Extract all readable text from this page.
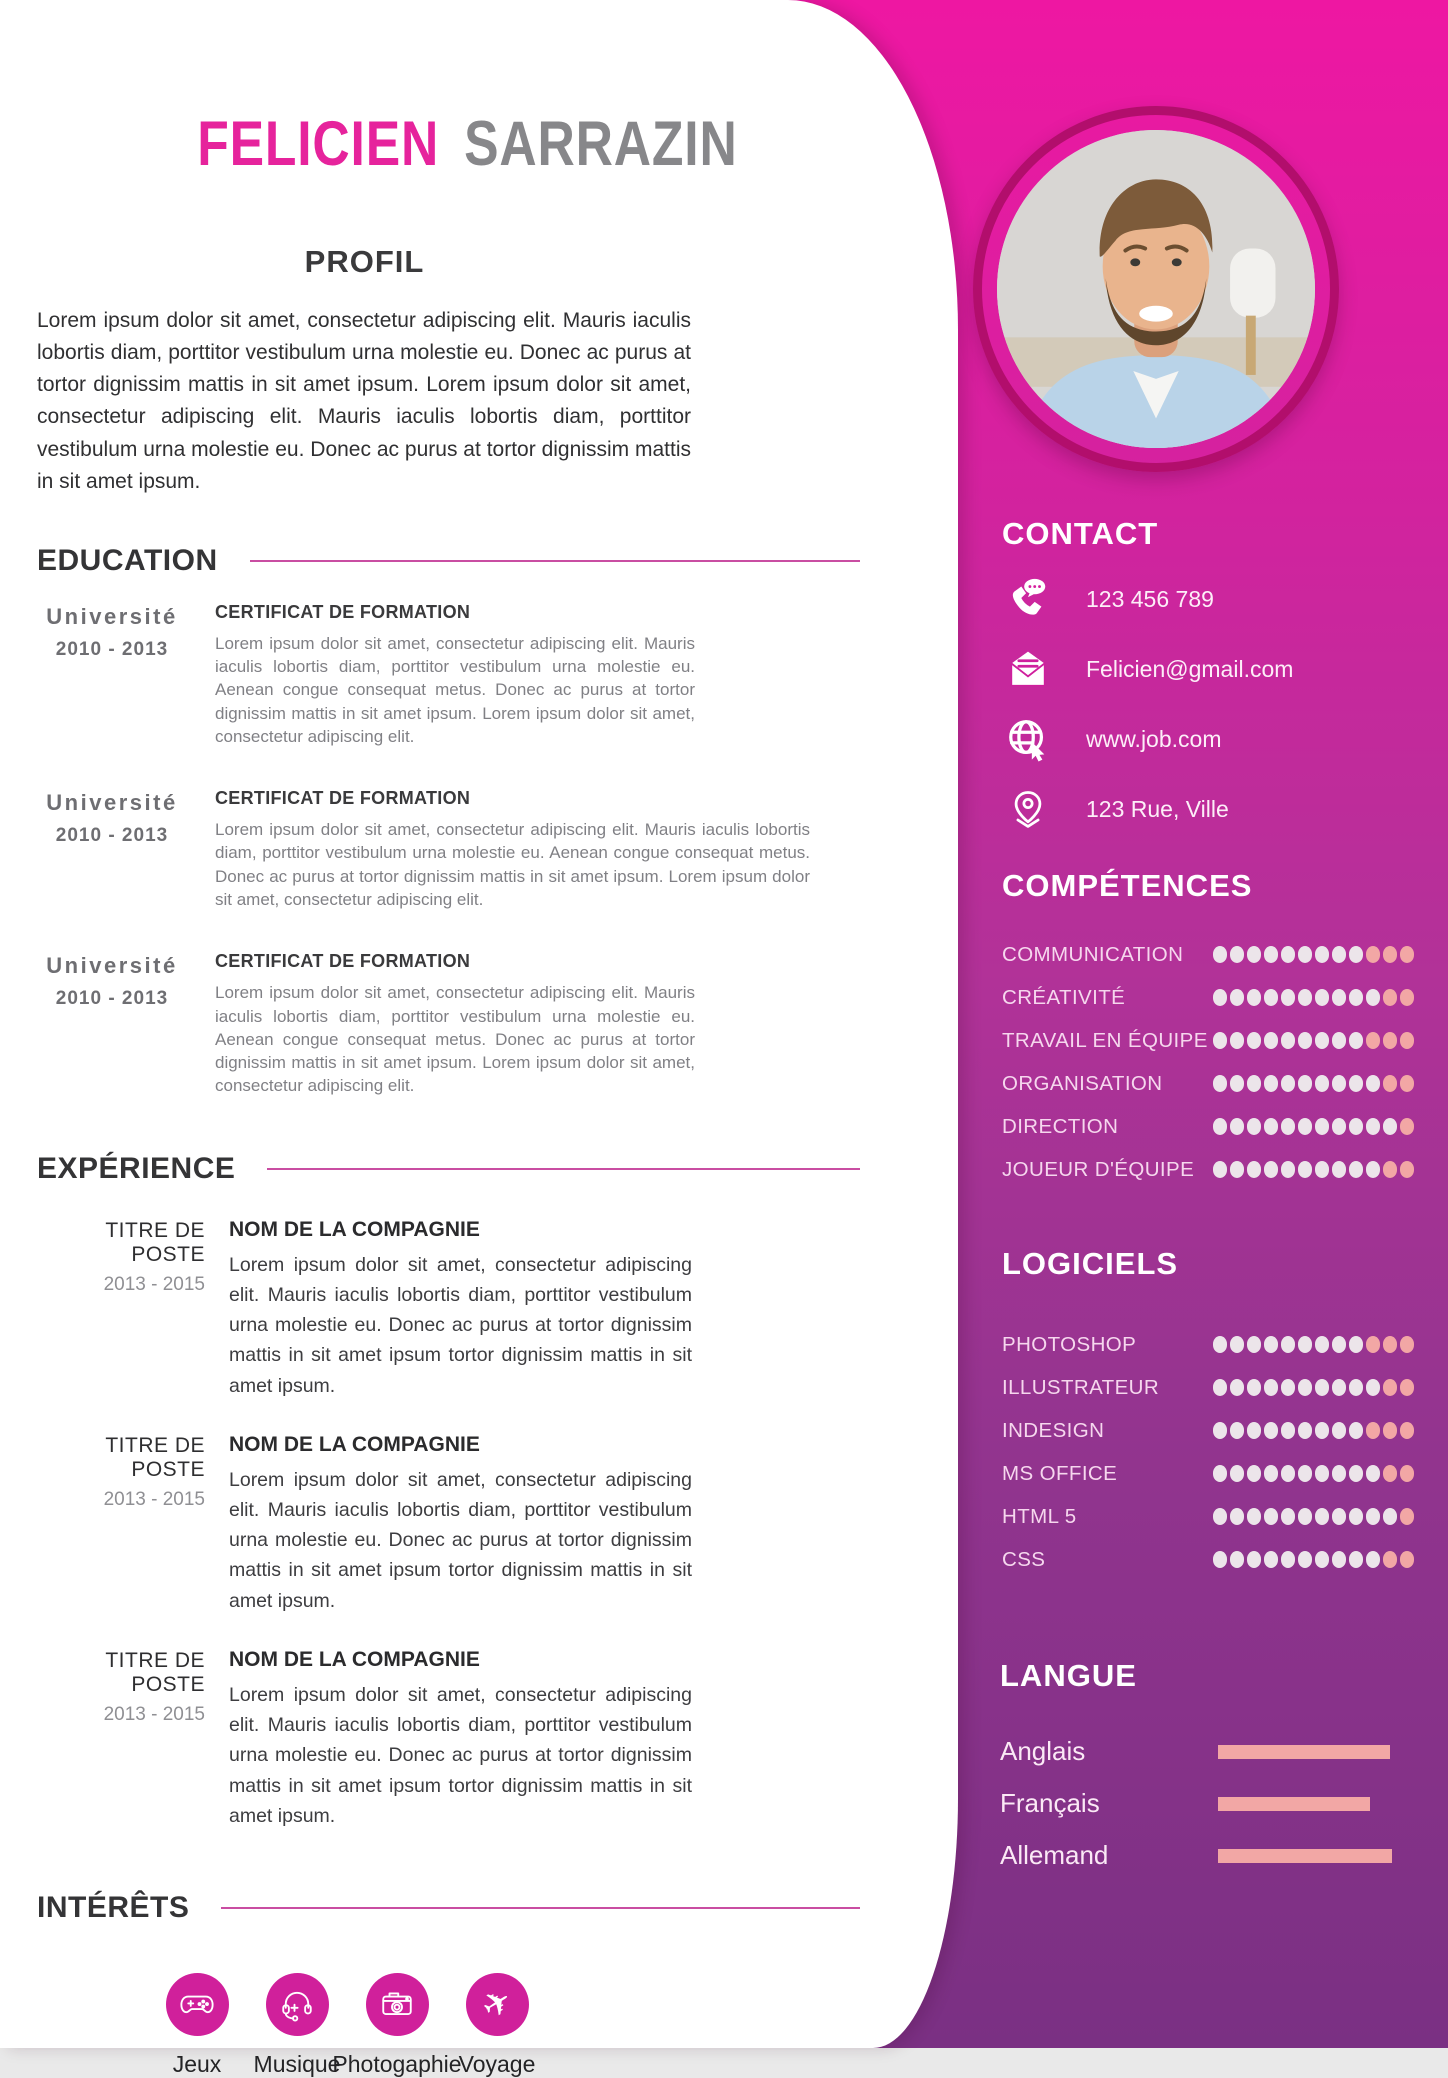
FELICIEN SARRAZIN
PROFIL

Lorem ipsum dolor sit amet, consectetur adipiscing elit. Mauris iaculis lobortis diam, porttitor vestibulum urna molestie eu. Donec ac purus at tortor dignissim mattis in sit amet ipsum. Lorem ipsum dolor sit amet, consectetur adipiscing elit. Mauris iaculis lobortis diam, porttitor vestibulum urna molestie eu. Donec ac purus at tortor dignissim mattis in sit amet ipsum.

EDUCATION
Université
2010 - 2013
CERTIFICAT DE FORMATION
Lorem ipsum dolor sit amet, consectetur adipiscing elit. Mauris iaculis lobortis diam, porttitor vestibulum urna molestie eu. Aenean congue consequat metus. Donec ac purus at tortor dignissim mattis in sit amet ipsum. Lorem ipsum dolor sit amet, consectetur adipiscing elit.
Université
2010 - 2013
CERTIFICAT DE FORMATION
Lorem ipsum dolor sit amet, consectetur adipiscing elit. Mauris iaculis lobortis diam, porttitor vestibulum urna molestie eu. Aenean congue consequat metus. Donec ac purus at tortor dignissim mattis in sit amet ipsum. Lorem ipsum dolor sit amet, consectetur adipiscing elit.
Université
2010 - 2013
CERTIFICAT DE FORMATION
Lorem ipsum dolor sit amet, consectetur adipiscing elit. Mauris iaculis lobortis diam, porttitor vestibulum urna molestie eu. Aenean congue consequat metus. Donec ac purus at tortor dignissim mattis in sit amet ipsum. Lorem ipsum dolor sit amet, consectetur adipiscing elit.
EXPÉRIENCE
TITRE DE POSTE
2013 - 2015
NOM DE LA COMPAGNIE
Lorem ipsum dolor sit amet, consectetur adipiscing elit. Mauris iaculis lobortis diam, porttitor vestibulum urna molestie eu. Donec ac purus at tortor dignissim mattis in sit amet ipsum tortor dignissim mattis in sit amet ipsum.
TITRE DE POSTE
2013 - 2015
NOM DE LA COMPAGNIE
Lorem ipsum dolor sit amet, consectetur adipiscing elit. Mauris iaculis lobortis diam, porttitor vestibulum urna molestie eu. Donec ac purus at tortor dignissim mattis in sit amet ipsum tortor dignissim mattis in sit amet ipsum.
TITRE DE POSTE
2013 - 2015
NOM DE LA COMPAGNIE
Lorem ipsum dolor sit amet, consectetur adipiscing elit. Mauris iaculis lobortis diam, porttitor vestibulum urna molestie eu. Donec ac purus at tortor dignissim mattis in sit amet ipsum tortor dignissim mattis in sit amet ipsum.
INTÉRÊTS
Jeux Musique
Photogaphie
✈
Voyage
CONTACT
123 456 789
Felicien@gmail.com
www.job.com
123 Rue, Ville
COMPÉTENCES
COMMUNICATION
CRÉATIVITÉ
TRAVAIL EN ÉQUIPE
ORGANISATION
DIRECTION
JOUEUR D'ÉQUIPE
LOGICIELS
PHOTOSHOP
ILLUSTRATEUR
INDESIGN
MS OFFICE
HTML 5
CSS
LANGUE
Anglais
Français
Allemand
